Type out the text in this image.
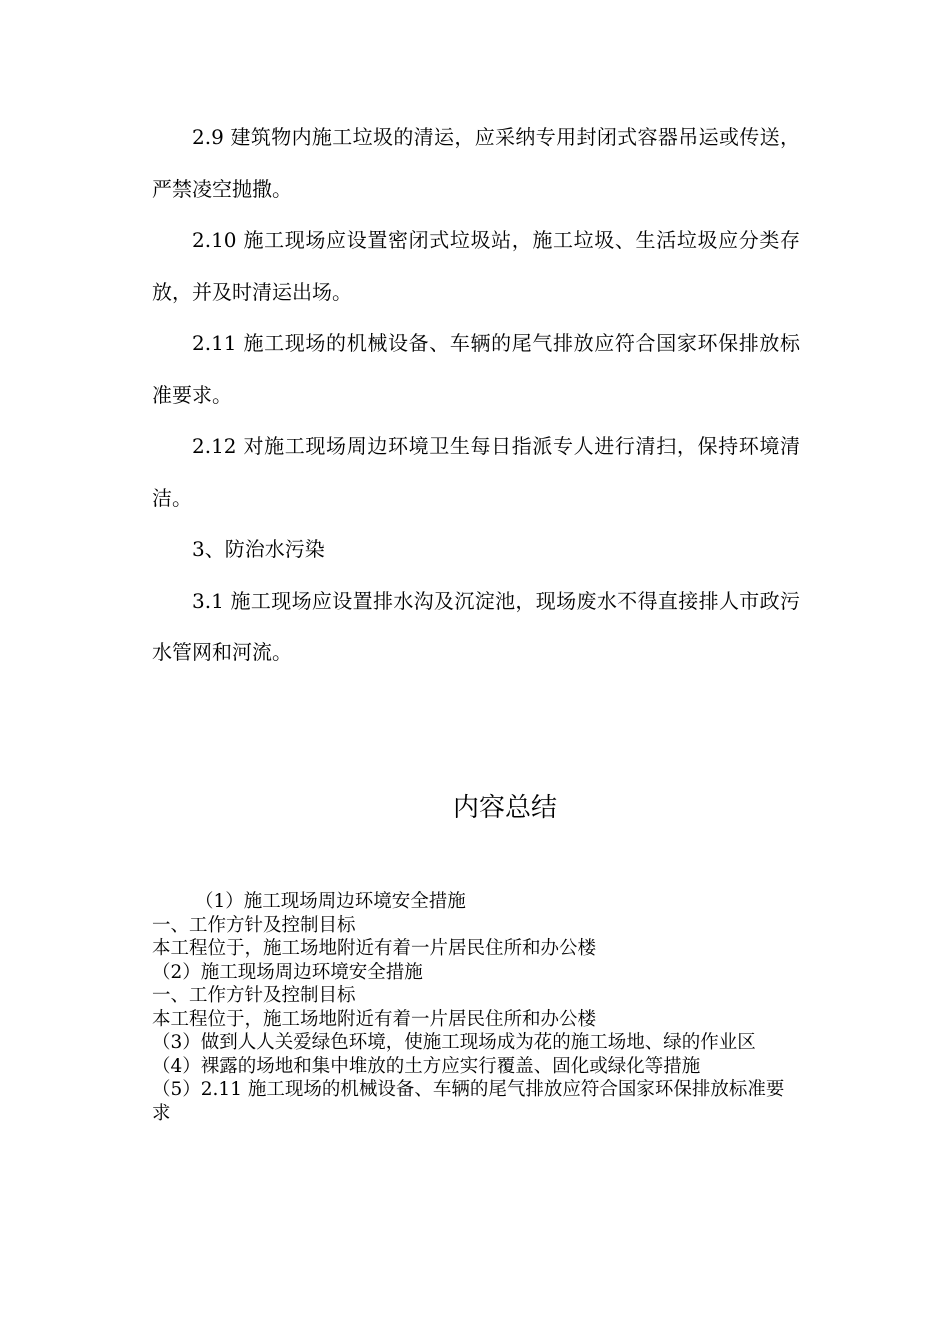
2.9 建筑物内施工垃圾的清运，应采纳专用封闭式容器吊运或传送，严禁凌空抛撒。

2.10 施工现场应设置密闭式垃圾站，施工垃圾、生活垃圾应分类存放，并及时清运出场。

2.11 施工现场的机械设备、车辆的尾气排放应符合国家环保排放标准要求。

2.12 对施工现场周边环境卫生每日指派专人进行清扫，保持环境清洁。

3、防治水污染

3.1 施工现场应设置排水沟及沉淀池，现场废水不得直接排人市政污水管网和河流。

内容总结
（1）施工现场周边环境安全措施
一、工作方针及控制目标
本工程位于，施工场地附近有着一片居民住所和办公楼
（2）施工现场周边环境安全措施
一、工作方针及控制目标
本工程位于，施工场地附近有着一片居民住所和办公楼
（3）做到人人关爱绿色环境，使施工现场成为花的施工场地、绿的作业区
（4）裸露的场地和集中堆放的土方应实行覆盖、固化或绿化等措施
（5）2.11 施工现场的机械设备、车辆的尾气排放应符合国家环保排放标准要求
